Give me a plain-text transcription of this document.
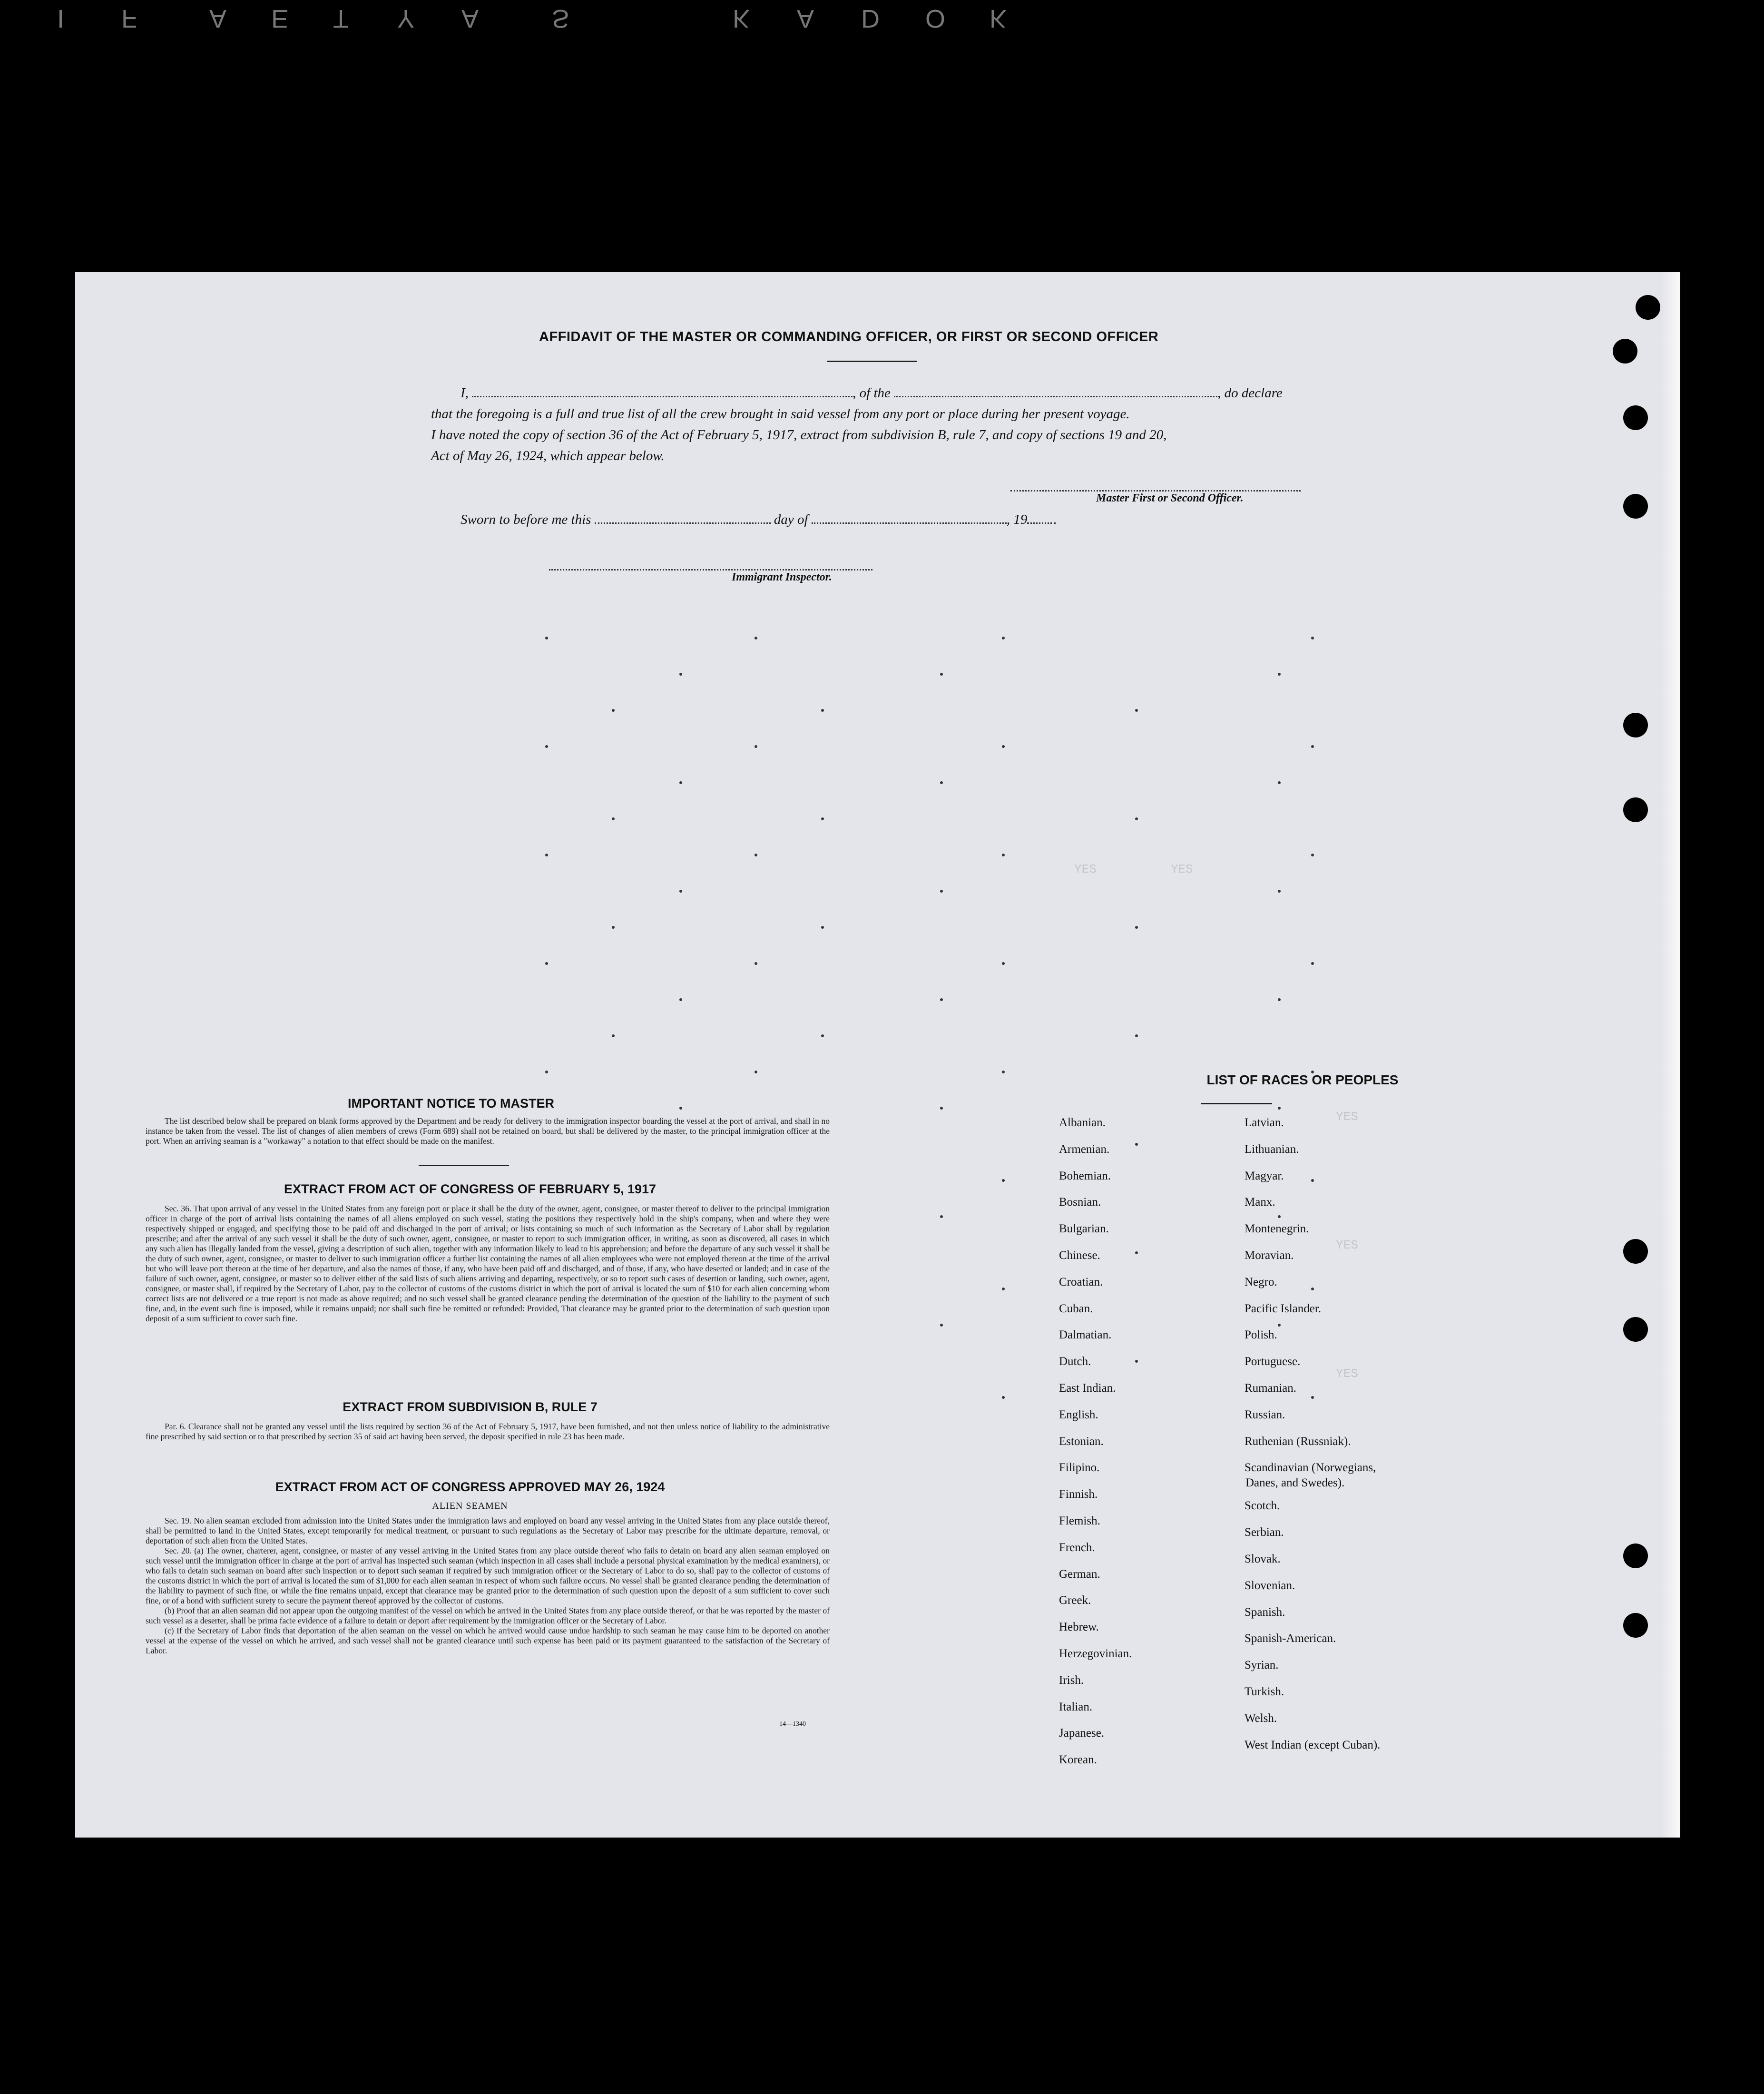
I F	A E T Y A	S	K A D O K
YES          YES
YES
YES
YES
AFFIDAVIT OF THE MASTER OR COMMANDING OFFICER, OR FIRST OR SECOND OFFICER
I,	, of the	, do declare
that the foregoing is a full and true list of all the crew brought in said vessel from any port or place during her present voyage.
I have noted the copy of section 36 of the Act of February 5, 1917, extract from subdivision B, rule 7, and copy of sections 19 and 20,
Act of May 26, 1924, which appear below.
Master First or Second Officer.
Sworn to before me this	day of	, 19
Immigrant Inspector.
IMPORTANT NOTICE TO MASTER

The list described below shall be prepared on blank forms approved by the Department and be ready for delivery to the immigration inspector boarding the vessel at the port of arrival, and shall in no instance be taken from the vessel. The list of changes of alien members of crews (Form 689) shall not be retained on board, but shall be delivered by the master, to the principal immigration officer at the port. When an arriving seaman is a "workaway" a notation to that effect should be made on the manifest.

EXTRACT FROM ACT OF CONGRESS OF FEBRUARY 5, 1917

Sec. 36. That upon arrival of any vessel in the United States from any foreign port or place it shall be the duty of the owner, agent, consignee, or master thereof to deliver to the principal immigration officer in charge of the port of arrival lists containing the names of all aliens employed on such vessel, stating the positions they respectively hold in the ship's company, when and where they were respectively shipped or engaged, and specifying those to be paid off and discharged in the port of arrival; or lists containing so much of such information as the Secretary of Labor shall by regulation prescribe; and after the arrival of any such vessel it shall be the duty of such owner, agent, consignee, or master to report to such immigration officer, in writing, as soon as discovered, all cases in which any such alien has illegally landed from the vessel, giving a description of such alien, together with any information likely to lead to his apprehension; and before the departure of any such vessel it shall be the duty of such owner, agent, consignee, or master to deliver to such immigration officer a further list containing the names of all alien employees who were not employed thereon at the time of the arrival but who will leave port thereon at the time of her departure, and also the names of those, if any, who have been paid off and discharged, and of those, if any, who have deserted or landed; and in case of the failure of such owner, agent, consignee, or master so to deliver either of the said lists of such aliens arriving and departing, respectively, or so to report such cases of desertion or landing, such owner, agent, consignee, or master shall, if required by the Secretary of Labor, pay to the collector of customs of the customs district in which the port of arrival is located the sum of $10 for each alien concerning whom correct lists are not delivered or a true report is not made as above required; and no such vessel shall be granted clearance pending the determination of the question of the liability to the payment of such fine, and, in the event such fine is imposed, while it remains unpaid; nor shall such fine be remitted or refunded: Provided, That clearance may be granted prior to the determination of such question upon deposit of a sum sufficient to cover such fine.

EXTRACT FROM SUBDIVISION B, RULE 7

Par. 6. Clearance shall not be granted any vessel until the lists required by section 36 of the Act of February 5, 1917, have been furnished, and not then unless notice of liability to the administrative fine prescribed by said section or to that prescribed by section 35 of said act having been served, the deposit specified in rule 23 has been made.

EXTRACT FROM ACT OF CONGRESS APPROVED MAY 26, 1924
ALIEN SEAMEN

Sec. 19. No alien seaman excluded from admission into the United States under the immigration laws and employed on board any vessel arriving in the United States from any place outside thereof, shall be permitted to land in the United States, except temporarily for medical treatment, or pursuant to such regulations as the Secretary of Labor may prescribe for the ultimate departure, removal, or deportation of such alien from the United States.

Sec. 20. (a) The owner, charterer, agent, consignee, or master of any vessel arriving in the United States from any place outside thereof who fails to detain on board any alien seaman employed on such vessel until the immigration officer in charge at the port of arrival has inspected such seaman (which inspection in all cases shall include a personal physical examination by the medical examiners), or who fails to detain such seaman on board after such inspection or to deport such seaman if required by such immigration officer or the Secretary of Labor to do so, shall pay to the collector of customs of the customs district in which the port of arrival is located the sum of $1,000 for each alien seaman in respect of whom such failure occurs. No vessel shall be granted clearance pending the determination of the liability to payment of such fine, or while the fine remains unpaid, except that clearance may be granted prior to the determination of such question upon the deposit of a sum sufficient to cover such fine, or of a bond with sufficient surety to secure the payment thereof approved by the collector of customs.

(b) Proof that an alien seaman did not appear upon the outgoing manifest of the vessel on which he arrived in the United States from any place outside thereof, or that he was reported by the master of such vessel as a deserter, shall be prima facie evidence of a failure to detain or deport after requirement by the immigration officer or the Secretary of Labor.

(c) If the Secretary of Labor finds that deportation of the alien seaman on the vessel on which he arrived would cause undue hardship to such seaman he may cause him to be deported on another vessel at the expense of the vessel on which he arrived, and such vessel shall not be granted clearance until such expense has been paid or its payment guaranteed to the satisfaction of the Secretary of Labor.

14—1340
LIST OF RACES OR PEOPLES
Albanian.
Armenian.
Bohemian.
Bosnian.
Bulgarian.
Chinese.
Croatian.
Cuban.
Dalmatian.
Dutch.
East Indian.
English.
Estonian.
Filipino.
Finnish.
Flemish.
French.
German.
Greek.
Hebrew.
Herzegovinian.
Irish.
Italian.
Japanese.
Korean.
Latvian.
Lithuanian.
Magyar.
Manx.
Montenegrin.
Moravian.
Negro.
Pacific Islander.
Polish.
Portuguese.
Rumanian.
Russian.
Ruthenian (Russniak).
Scandinavian (Norwegians,
Danes, and Swedes).
Scotch.
Serbian.
Slovak.
Slovenian.
Spanish.
Spanish-American.
Syrian.
Turkish.
Welsh.
West Indian (except Cuban).
